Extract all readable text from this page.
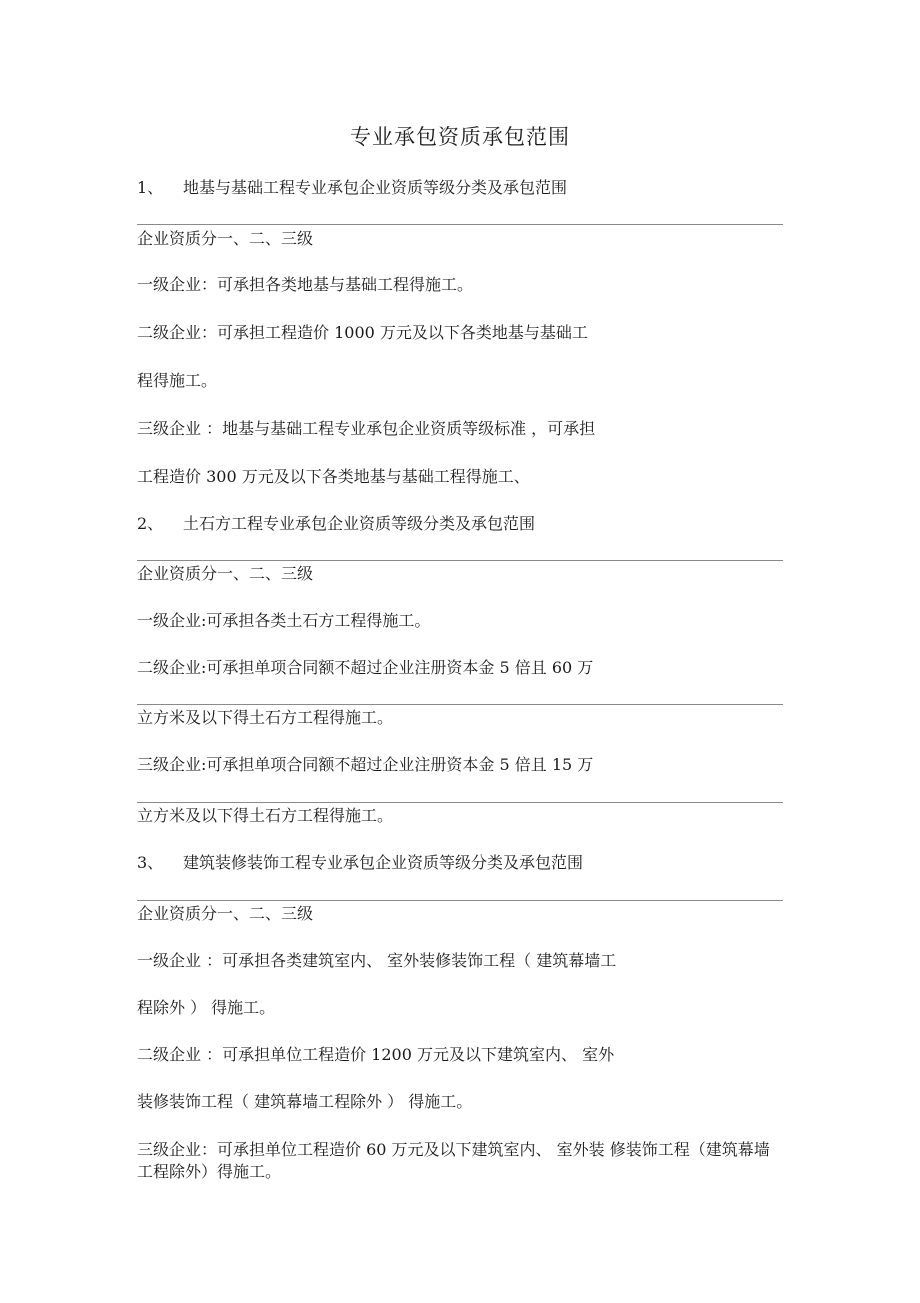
专业承包资质承包范围
1、 地基与基础工程专业承包企业资质等级分类及承包范围
企业资质分一、二、三级
一级企业：可承担各类地基与基础工程得施工。
二级企业：可承担工程造价 1000 万元及以下各类地基与基础工
程得施工。
三级企业 ：地基与基础工程专业承包企业资质等级标准 ，可承担
工程造价 300 万元及以下各类地基与基础工程得施工、
2、 土石方工程专业承包企业资质等级分类及承包范围
企业资质分一、二、三级
一级企业:可承担各类土石方工程得施工。
二级企业:可承担单项合同额不超过企业注册资本金 5 倍且 60 万
立方米及以下得土石方工程得施工。
三级企业:可承担单项合同额不超过企业注册资本金 5 倍且 15 万
立方米及以下得土石方工程得施工。
3、 建筑装修装饰工程专业承包企业资质等级分类及承包范围
企业资质分一、二、三级
一级企业 ：可承担各类建筑室内、 室外装修装饰工程（ 建筑幕墙工
程除外 ） 得施工。
二级企业 ：可承担单位工程造价 1200 万元及以下建筑室内、 室外
装修装饰工程（ 建筑幕墙工程除外 ） 得施工。
三级企业：可承担单位工程造价 60 万元及以下建筑室内、 室外装 修装饰工程（建筑幕墙工程除外）得施工。
